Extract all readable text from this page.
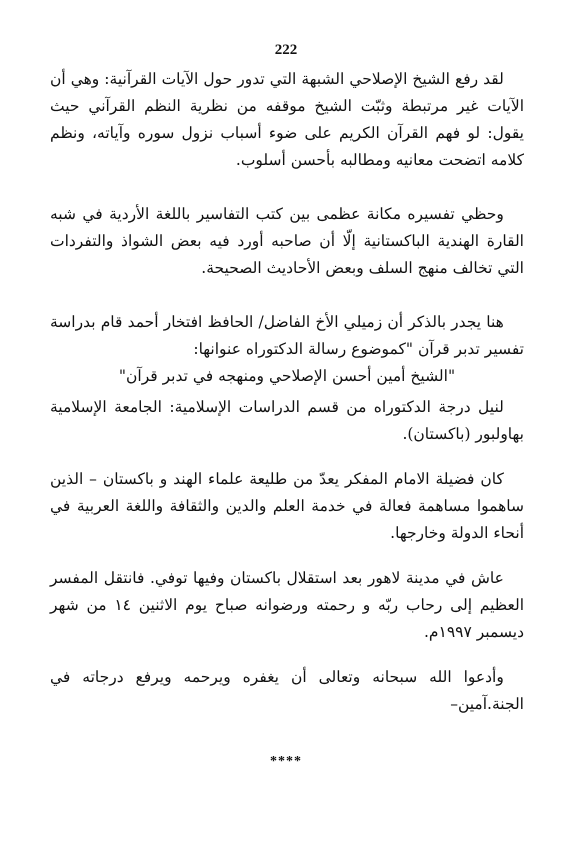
222

لقد رفع الشيخ الإصلاحي الشبهة التي تدور حول الآيات القرآنية: وهي أن الآيات غير مرتبطة وثبّت الشيخ موقفه من نظرية النظم القرآني حيث يقول: لو فهم القرآن الكريم على ضوء أسباب نزول سوره وآياته، ونظم كلامه اتضحت معانيه ومطالبه بأحسن أسلوب.

وحظي تفسيره مكانة عظمى بين كتب التفاسير باللغة الأردية في شبه القارة الهندية الباكستانية إلّا أن صاحبه أورد فيه بعض الشواذ والتفردات التي تخالف منهج السلف وبعض الأحاديث الصحيحة.

هنا يجدر بالذكر أن زميلي الأخ الفاضل/ الحافظ افتخار أحمد قام بدراسة تفسير تدبر قرآن "كموضوع رسالة الدكتوراه عنوانها:

"الشيخ أمين أحسن الإصلاحي ومنهجه في تدبر قرآن"

لنيل درجة الدكتوراه من قسم الدراسات الإسلامية: الجامعة الإسلامية بهاولبور (باكستان).

كان فضيلة الامام المفكر يعدّ من طليعة علماء الهند و باكستان – الذين ساهموا مساهمة فعالة في خدمة العلم والدين والثقافة واللغة العربية في أنحاء الدولة وخارجها.

عاش في مدينة لاهور بعد استقلال باكستان وفيها توفي. فانتقل المفسر العظيم إلى رحاب ربّه و رحمته ورضوانه صباح يوم الاثنين ١٤ من شهر ديسمبر ١٩٩٧م.

وأدعوا الله سبحانه وتعالى أن يغفره ويرحمه ويرفع درجاته في الجنة.آمين–

****
